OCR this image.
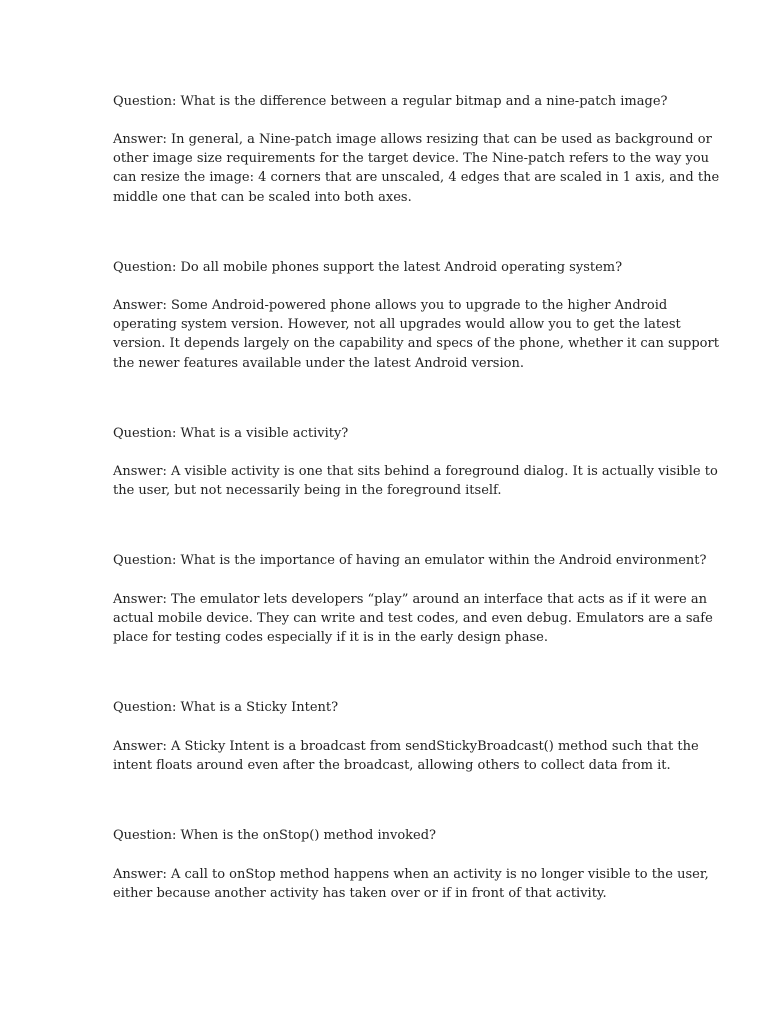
Question: What is the difference between a regular bitmap and a nine-patch image?

Answer: In general, a Nine-patch image allows resizing that can be used as background or
other image size requirements for the target device. The Nine-patch refers to the way you
can resize the image: 4 corners that are unscaled, 4 edges that are scaled in 1 axis, and the
middle one that can be scaled into both axes.

Question: Do all mobile phones support the latest Android operating system?

Answer: Some Android-powered phone allows you to upgrade to the higher Android
operating system version. However, not all upgrades would allow you to get the latest
version. It depends largely on the capability and specs of the phone, whether it can support
the newer features available under the latest Android version.

Question: What is a visible activity?

Answer: A visible activity is one that sits behind a foreground dialog. It is actually visible to
the user, but not necessarily being in the foreground itself.

Question: What is the importance of having an emulator within the Android environment?

Answer: The emulator lets developers “play” around an interface that acts as if it were an
actual mobile device. They can write and test codes, and even debug. Emulators are a safe
place for testing codes especially if it is in the early design phase.

Question: What is a Sticky Intent?

Answer: A Sticky Intent is a broadcast from sendStickyBroadcast() method such that the
intent floats around even after the broadcast, allowing others to collect data from it.

Question: When is the onStop() method invoked?

Answer: A call to onStop method happens when an activity is no longer visible to the user,
either because another activity has taken over or if in front of that activity.
